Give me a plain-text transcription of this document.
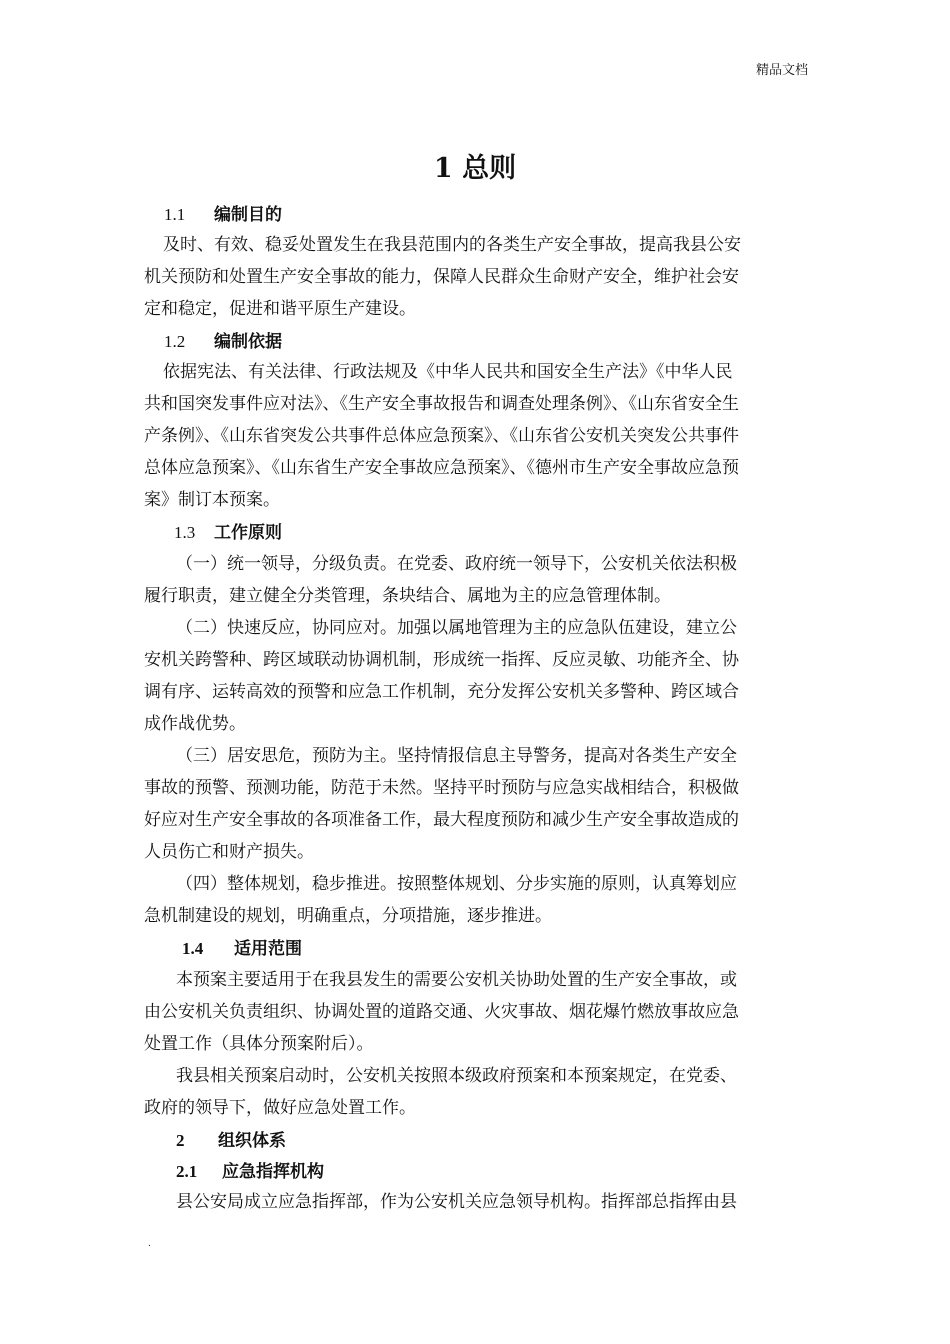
精品文档
1 总则
1.1 编制目的
及时、有效、稳妥处置发生在我县范围内的各类生产安全事故，提高我县公安
机关预防和处置生产安全事故的能力，保障人民群众生命财产安全，维护社会安
定和稳定，促进和谐平原生产建设。
1.2 编制依据
依据宪法、有关法律、行政法规及《中华人民共和国安全生产法》《中华人民
共和国突发事件应对法》、《生产安全事故报告和调查处理条例》、《山东省安全生
产条例》、《山东省突发公共事件总体应急预案》、《山东省公安机关突发公共事件
总体应急预案》、《山东省生产安全事故应急预案》、《德州市生产安全事故应急预
案》制订本预案。
1.3 工作原则
（一）统一领导，分级负责。在党委、政府统一领导下，公安机关依法积极
履行职责，建立健全分类管理，条块结合、属地为主的应急管理体制。
（二）快速反应，协同应对。加强以属地管理为主的应急队伍建设，建立公
安机关跨警种、跨区域联动协调机制，形成统一指挥、反应灵敏、功能齐全、协
调有序、运转高效的预警和应急工作机制，充分发挥公安机关多警种、跨区域合
成作战优势。
（三）居安思危，预防为主。坚持情报信息主导警务，提高对各类生产安全
事故的预警、预测功能，防范于未然。坚持平时预防与应急实战相结合，积极做
好应对生产安全事故的各项准备工作，最大程度预防和减少生产安全事故造成的
人员伤亡和财产损失。
（四）整体规划，稳步推进。按照整体规划、分步实施的原则，认真筹划应
急机制建设的规划，明确重点，分项措施，逐步推进。
1.4 适用范围
本预案主要适用于在我县发生的需要公安机关协助处置的生产安全事故，或
由公安机关负责组织、协调处置的道路交通、火灾事故、烟花爆竹燃放事故应急
处置工作（具体分预案附后）。
我县相关预案启动时，公安机关按照本级政府预案和本预案规定，在党委、
政府的领导下，做好应急处置工作。
2 组织体系
2.1 应急指挥机构
县公安局成立应急指挥部，作为公安机关应急领导机构。指挥部总指挥由县
.
